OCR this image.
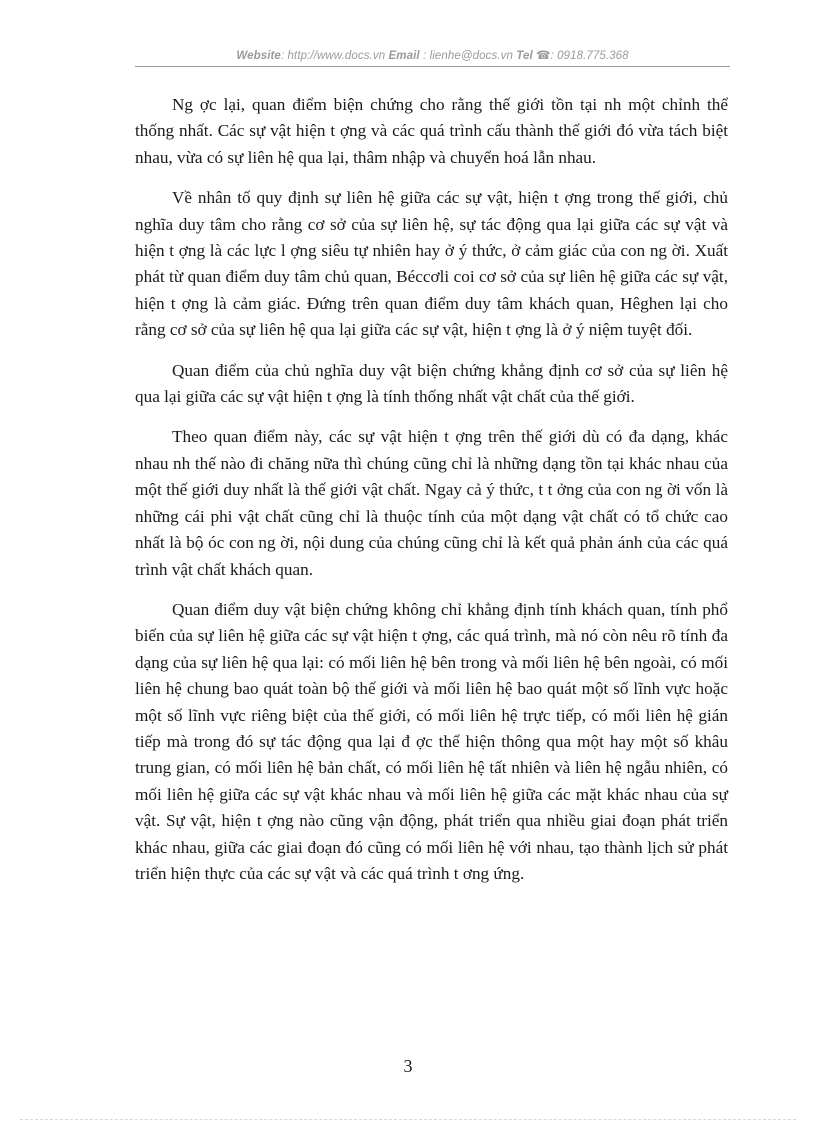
Website: http://www.docs.vn Email : lienhe@docs.vn Tel ☎: 0918.775.368

Ng ợc lại, quan điểm biện chứng cho rằng thế giới tồn tại nh một chỉnh thể thống nhất. Các sự vật hiện t ợng và các quá trình cấu thành thế giới đó vừa tách biệt nhau, vừa có sự liên hệ qua lại, thâm nhập và chuyển hoá lẫn nhau.

Về nhân tố quy định sự liên hệ giữa các sự vật, hiện t ợng trong thế giới, chủ nghĩa duy tâm cho rằng cơ sở của sự liên hệ, sự tác động qua lại giữa các sự vật và hiện t ợng là các lực l ợng siêu tự nhiên hay ở ý thức, ở cảm giác của con ng ời. Xuất phát từ quan điểm duy tâm chủ quan, Béccơli coi cơ sở của sự liên hệ giữa các sự vật, hiện t ợng là cảm giác. Đứng trên quan điểm duy tâm khách quan, Hêghen lại cho rằng cơ sở của sự liên hệ qua lại giữa các sự vật, hiện t ợng là ở ý niệm tuyệt đối.

Quan điểm của chủ nghĩa duy vật biện chứng khẳng định cơ sở của sự liên hệ qua lại giữa các sự vật hiện t ợng là tính thống nhất vật chất của thế giới.

Theo quan điểm này, các sự vật hiện t ợng trên thế giới dù có đa dạng, khác nhau nh thế nào đi chăng nữa thì chúng cũng chỉ là những dạng tồn tại khác nhau của một thế giới duy nhất là thế giới vật chất. Ngay cả ý thức, t t ởng của con ng ời vốn là những cái phi vật chất cũng chỉ là thuộc tính của một dạng vật chất có tổ chức cao nhất là bộ óc con ng ời, nội dung của chúng cũng chỉ là kết quả phản ánh của các quá trình vật chất khách quan.

Quan điểm duy vật biện chứng không chỉ khẳng định tính khách quan, tính phổ biến của sự liên hệ giữa các sự vật hiện t ợng, các quá trình, mà nó còn nêu rõ tính đa dạng của sự liên hệ qua lại: có mối liên hệ bên trong và mối liên hệ bên ngoài, có mối liên hệ chung bao quát toàn bộ thế giới và mối liên hệ bao quát một số lĩnh vực hoặc một số lĩnh vực riêng biệt của thế giới, có mối liên hệ trực tiếp, có mối liên hệ gián tiếp mà trong đó sự tác động qua lại đ ợc thể hiện thông qua một hay một số khâu trung gian, có mối liên hệ bản chất, có mối liên hệ tất nhiên và liên hệ ngẫu nhiên, có mối liên hệ giữa các sự vật khác nhau và mối liên hệ giữa các mặt khác nhau của sự vật. Sự vật, hiện t ợng nào cũng vận động, phát triển qua nhiều giai đoạn phát triển khác nhau, giữa các giai đoạn đó cũng có mối liên hệ với nhau, tạo thành lịch sử phát triển hiện thực của các sự vật và các quá trình t ơng ứng.

3
